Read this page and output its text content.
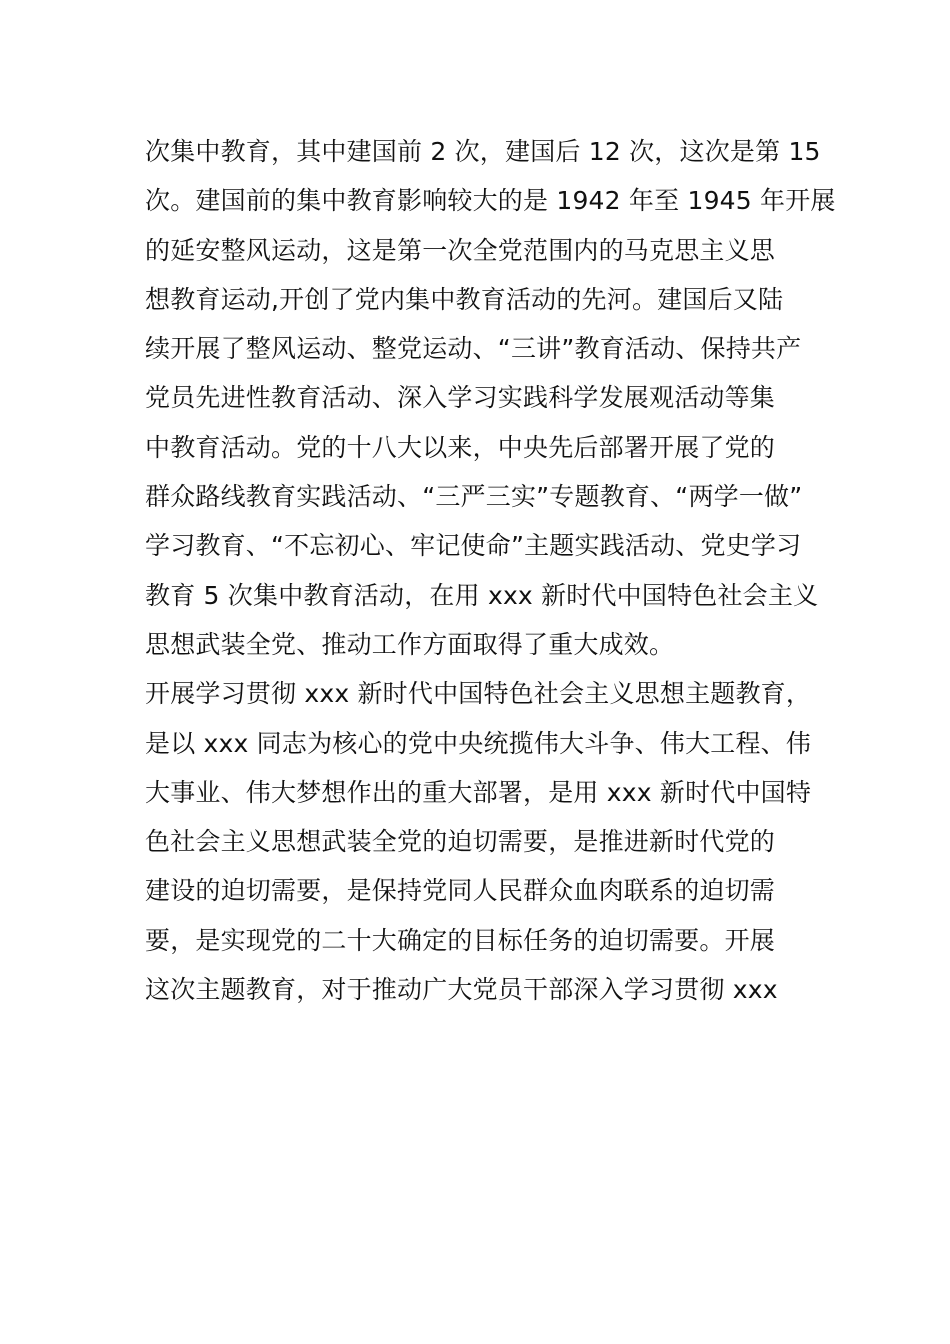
次集中教育，其中建国前 2 次，建国后 12 次，这次是第 15
次。建国前的集中教育影响较大的是 1942 年至 1945 年开展
的延安整风运动，这是第一次全党范围内的马克思主义思
想教育运动,开创了党内集中教育活动的先河。建国后又陆
续开展了整风运动、整党运动、“三讲”教育活动、保持共产
党员先进性教育活动、深入学习实践科学发展观活动等集
中教育活动。党的十八大以来，中央先后部署开展了党的
群众路线教育实践活动、“三严三实”专题教育、“两学一做”
学习教育、“不忘初心、牢记使命”主题实践活动、党史学习
教育 5 次集中教育活动，在用 xxx 新时代中国特色社会主义
思想武装全党、推动工作方面取得了重大成效。
开展学习贯彻 xxx 新时代中国特色社会主义思想主题教育，
是以 xxx 同志为核心的党中央统揽伟大斗争、伟大工程、伟
大事业、伟大梦想作出的重大部署，是用 xxx 新时代中国特
色社会主义思想武装全党的迫切需要，是推进新时代党的
建设的迫切需要，是保持党同人民群众血肉联系的迫切需
要，是实现党的二十大确定的目标任务的迫切需要。开展
这次主题教育，对于推动广大党员干部深入学习贯彻 xxx
